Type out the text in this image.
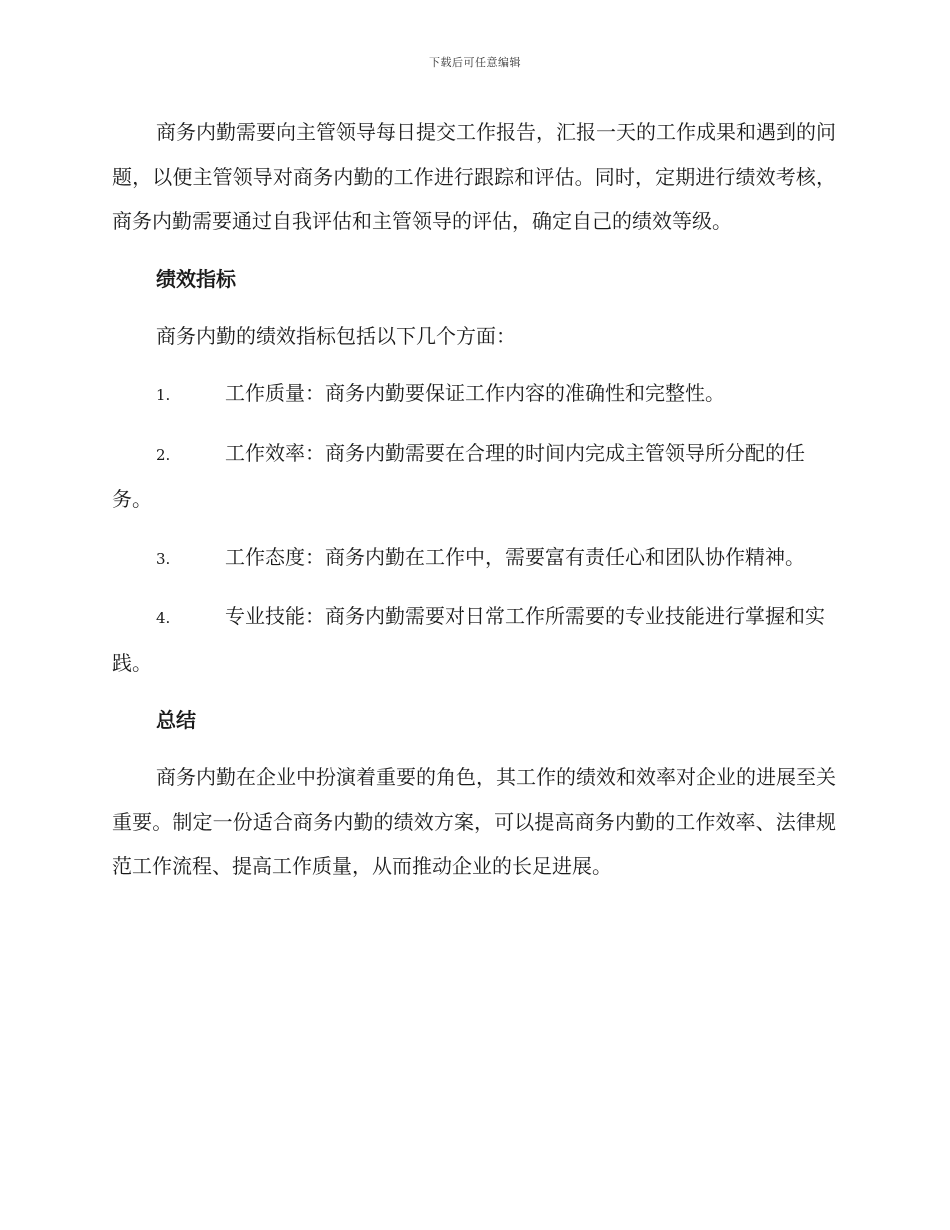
下载后可任意编辑

商务内勤需要向主管领导每日提交工作报告，汇报一天的工作成果和遇到的问题，以便主管领导对商务内勤的工作进行跟踪和评估。同时，定期进行绩效考核，商务内勤需要通过自我评估和主管领导的评估，确定自己的绩效等级。

绩效指标

商务内勤的绩效指标包括以下几个方面：

1.	工作质量：商务内勤要保证工作内容的准确性和完整性。

2.	工作效率：商务内勤需要在合理的时间内完成主管领导所分配的任务。

3.	工作态度：商务内勤在工作中，需要富有责任心和团队协作精神。

4.	专业技能：商务内勤需要对日常工作所需要的专业技能进行掌握和实践。

总结

商务内勤在企业中扮演着重要的角色，其工作的绩效和效率对企业的进展至关重要。制定一份适合商务内勤的绩效方案，可以提高商务内勤的工作效率、法律规范工作流程、提高工作质量，从而推动企业的长足进展。
